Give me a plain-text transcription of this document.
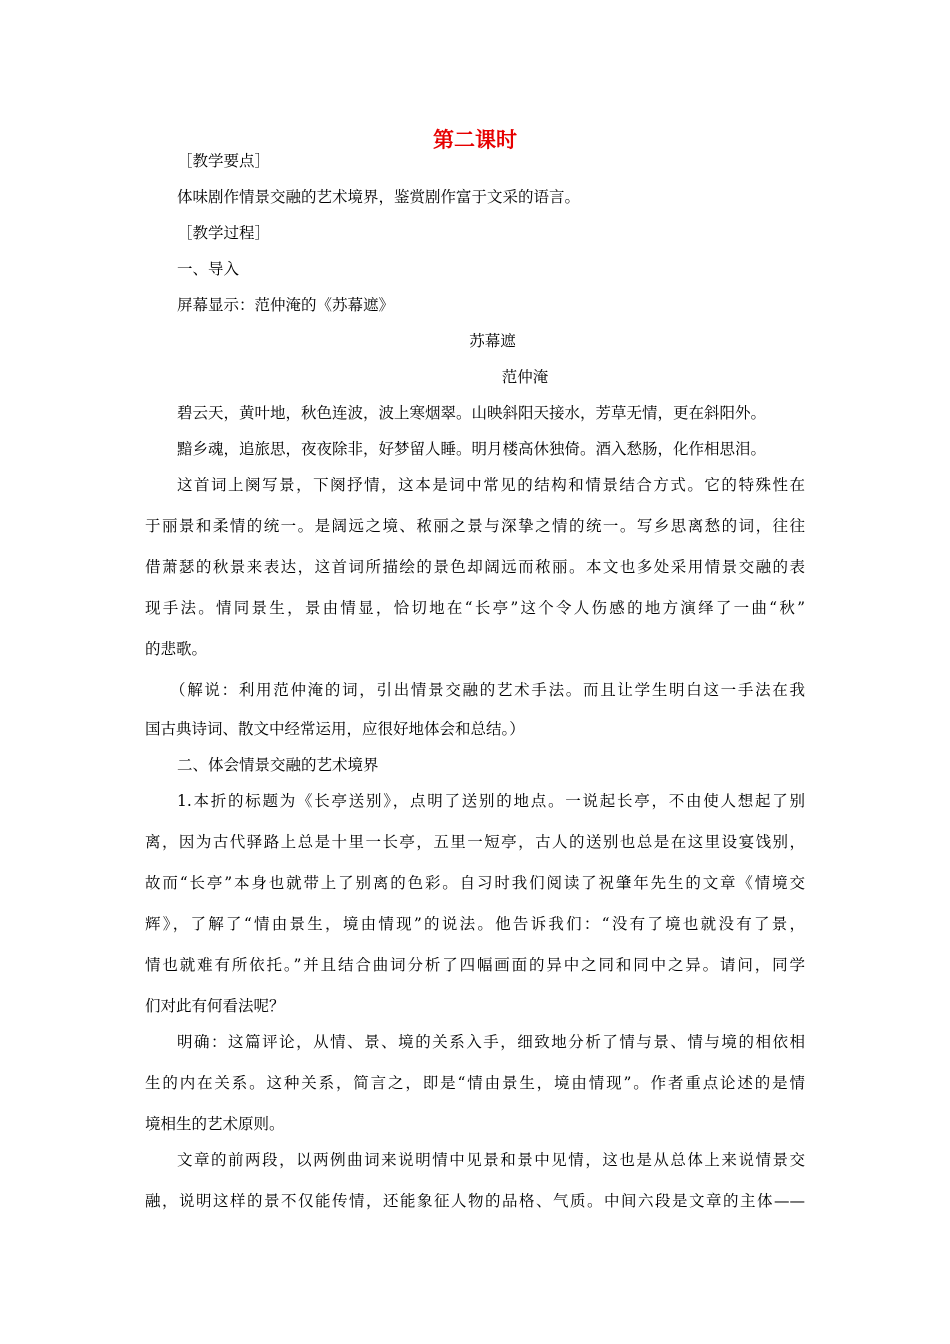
第二课时
［教学要点］
体味剧作情景交融的艺术境界，鉴赏剧作富于文采的语言。
［教学过程］
一、导入
屏幕显示：范仲淹的《苏幕遮》
苏幕遮
范仲淹
碧云天，黄叶地，秋色连波，波上寒烟翠。山映斜阳天接水，芳草无情，更在斜阳外。
黯乡魂，追旅思，夜夜除非，好梦留人睡。明月楼高休独倚。酒入愁肠，化作相思泪。
这首词上阕写景，下阕抒情，这本是词中常见的结构和情景结合方式。它的特殊性在
于丽景和柔情的统一。是阔远之境、秾丽之景与深挚之情的统一。写乡思离愁的词，往往
借萧瑟的秋景来表达，这首词所描绘的景色却阔远而秾丽。本文也多处采用情景交融的表
现手法。情同景生，景由情显，恰切地在“长亭”这个令人伤感的地方演绎了一曲“秋”
的悲歌。
（解说：利用范仲淹的词，引出情景交融的艺术手法。而且让学生明白这一手法在我
国古典诗词、散文中经常运用，应很好地体会和总结。）
二、体会情景交融的艺术境界
1.本折的标题为《长亭送别》，点明了送别的地点。一说起长亭，不由使人想起了别
离，因为古代驿路上总是十里一长亭，五里一短亭，古人的送别也总是在这里设宴饯别，
故而“长亭”本身也就带上了别离的色彩。自习时我们阅读了祝肇年先生的文章《情境交
辉》，了解了“情由景生，境由情现”的说法。他告诉我们：“没有了境也就没有了景，
情也就难有所依托。”并且结合曲词分析了四幅画面的异中之同和同中之异。请问，同学
们对此有何看法呢？
明确：这篇评论，从情、景、境的关系入手，细致地分析了情与景、情与境的相依相
生的内在关系。这种关系，简言之，即是“情由景生，境由情现”。作者重点论述的是情
境相生的艺术原则。
文章的前两段，以两例曲词来说明情中见景和景中见情，这也是从总体上来说情景交
融，说明这样的景不仅能传情，还能象征人物的品格、气质。中间六段是文章的主体——
